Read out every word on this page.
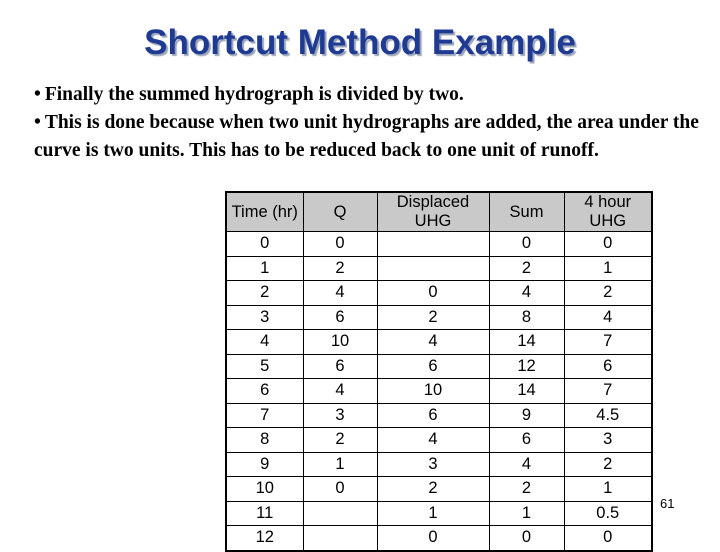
Shortcut Method Example
• Finally the summed hydrograph is divided by two.
• This is done because when two unit hydrographs are added, the area under the curve is two units. This has to be reduced back to one unit of runoff.
Time (hr)	Q	Displaced UHG	Sum	4 hour UHG
0	0		0	0
1	2		2	1
2	4	0	4	2
3	6	2	8	4
4	10	4	14	7
5	6	6	12	6
6	4	10	14	7
7	3	6	9	4.5
8	2	4	6	3
9	1	3	4	2
10	0	2	2	1
11		1	1	0.5
12		0	0	0
61
